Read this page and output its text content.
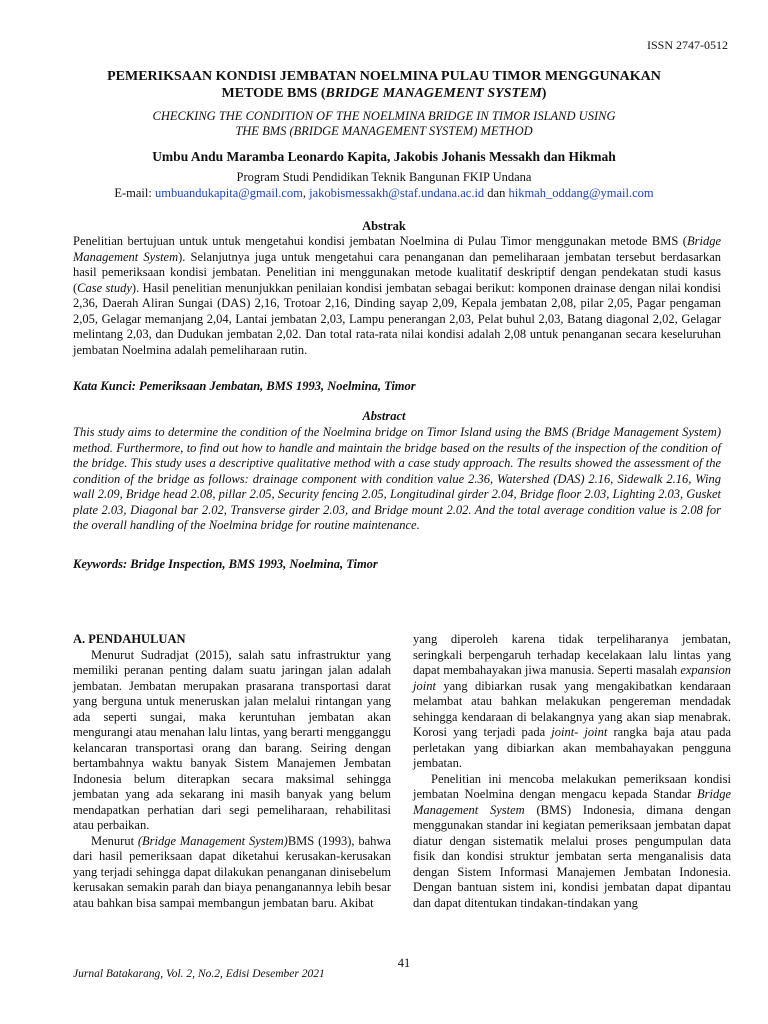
ISSN 2747-0512
PEMERIKSAAN KONDISI JEMBATAN NOELMINA PULAU TIMOR MENGGUNAKAN
METODE BMS (BRIDGE MANAGEMENT SYSTEM)
CHECKING THE CONDITION OF THE NOELMINA BRIDGE IN TIMOR ISLAND USING
THE BMS (BRIDGE MANAGEMENT SYSTEM) METHOD
Umbu Andu Maramba Leonardo Kapita, Jakobis Johanis Messakh dan Hikmah
Program Studi Pendidikan Teknik Bangunan FKIP Undana
E-mail: umbuandukapita@gmail.com, jakobismessakh@staf.undana.ac.id dan hikmah_oddang@ymail.com
Abstrak
Penelitian bertujuan untuk untuk mengetahui kondisi jembatan Noelmina di Pulau Timor menggunakan metode BMS (Bridge Management System). Selanjutnya juga untuk mengetahui cara penanganan dan pemeliharaan jembatan tersebut berdasarkan hasil pemeriksaan kondisi jembatan. Penelitian ini menggunakan metode kualitatif deskriptif dengan pendekatan studi kasus (Case study). Hasil penelitian menunjukkan penilaian kondisi jembatan sebagai berikut: komponen drainase dengan nilai kondisi 2,36, Daerah Aliran Sungai (DAS) 2,16, Trotoar 2,16, Dinding sayap 2,09, Kepala jembatan 2,08, pilar 2,05, Pagar pengaman 2,05, Gelagar memanjang 2,04, Lantai jembatan 2,03, Lampu penerangan 2,03, Pelat buhul 2,03, Batang diagonal 2,02, Gelagar melintang 2,03, dan Dudukan jembatan 2,02. Dan total rata-rata nilai kondisi adalah 2,08 untuk penanganan secara keseluruhan jembatan Noelmina adalah pemeliharaan rutin.
Kata Kunci: Pemeriksaan Jembatan, BMS 1993, Noelmina, Timor
Abstract
This study aims to determine the condition of the Noelmina bridge on Timor Island using the BMS (Bridge Management System) method. Furthermore, to find out how to handle and maintain the bridge based on the results of the inspection of the condition of the bridge. This study uses a descriptive qualitative method with a case study approach. The results showed the assessment of the condition of the bridge as follows: drainage component with condition value 2.36, Watershed (DAS) 2.16, Sidewalk 2.16, Wing wall 2.09, Bridge head 2.08, pillar 2.05, Security fencing 2.05, Longitudinal girder 2.04, Bridge floor 2.03, Lighting 2.03, Gusket plate 2.03, Diagonal bar 2.02, Transverse girder 2.03, and Bridge mount 2.02. And the total average condition value is 2.08 for the overall handling of the Noelmina bridge for routine maintenance.
Keywords: Bridge Inspection, BMS 1993, Noelmina, Timor

A. PENDAHULUAN

Menurut Sudradjat (2015), salah satu infrastruktur yang memiliki peranan penting dalam suatu jaringan jalan adalah jembatan. Jembatan merupakan prasarana transportasi darat yang berguna untuk meneruskan jalan melalui rintangan yang ada seperti sungai, maka keruntuhan jembatan akan mengurangi atau menahan lalu lintas, yang berarti mengganggu kelancaran transportasi orang dan barang. Seiring dengan bertambahnya waktu banyak Sistem Manajemen Jembatan Indonesia belum diterapkan secara maksimal sehingga jembatan yang ada sekarang ini masih banyak yang belum mendapatkan perhatian dari segi pemeliharaan, rehabilitasi atau perbaikan.

Menurut (Bridge Management System)BMS (1993), bahwa dari hasil pemeriksaan dapat diketahui kerusakan-kerusakan yang terjadi sehingga dapat dilakukan penanganan dinisebelum kerusakan semakin parah dan biaya penanganannya lebih besar atau bahkan bisa sampai membangun jembatan baru. Akibat

yang diperoleh karena tidak terpeliharanya jembatan, seringkali berpengaruh terhadap kecelakaan lalu lintas yang dapat membahayakan jiwa manusia. Seperti masalah expansion joint yang dibiarkan rusak yang mengakibatkan kendaraan melambat atau bahkan melakukan pengereman mendadak sehingga kendaraan di belakangnya yang akan siap menabrak. Korosi yang terjadi pada joint- joint rangka baja atau pada perletakan yang dibiarkan akan membahayakan pengguna jembatan.

Penelitian ini mencoba melakukan pemeriksaan kondisi jembatan Noelmina dengan mengacu kepada Standar Bridge Management System (BMS) Indonesia, dimana dengan menggunakan standar ini kegiatan pemeriksaan jembatan dapat diatur dengan sistematik melalui proses pengumpulan data fisik dan kondisi struktur jembatan serta menganalisis data dengan Sistem Informasi Manajemen Jembatan Indonesia. Dengan bantuan sistem ini, kondisi jembatan dapat dipantau dan dapat ditentukan tindakan-tindakan yang

41
Jurnal Batakarang, Vol. 2, No.2, Edisi Desember 2021
